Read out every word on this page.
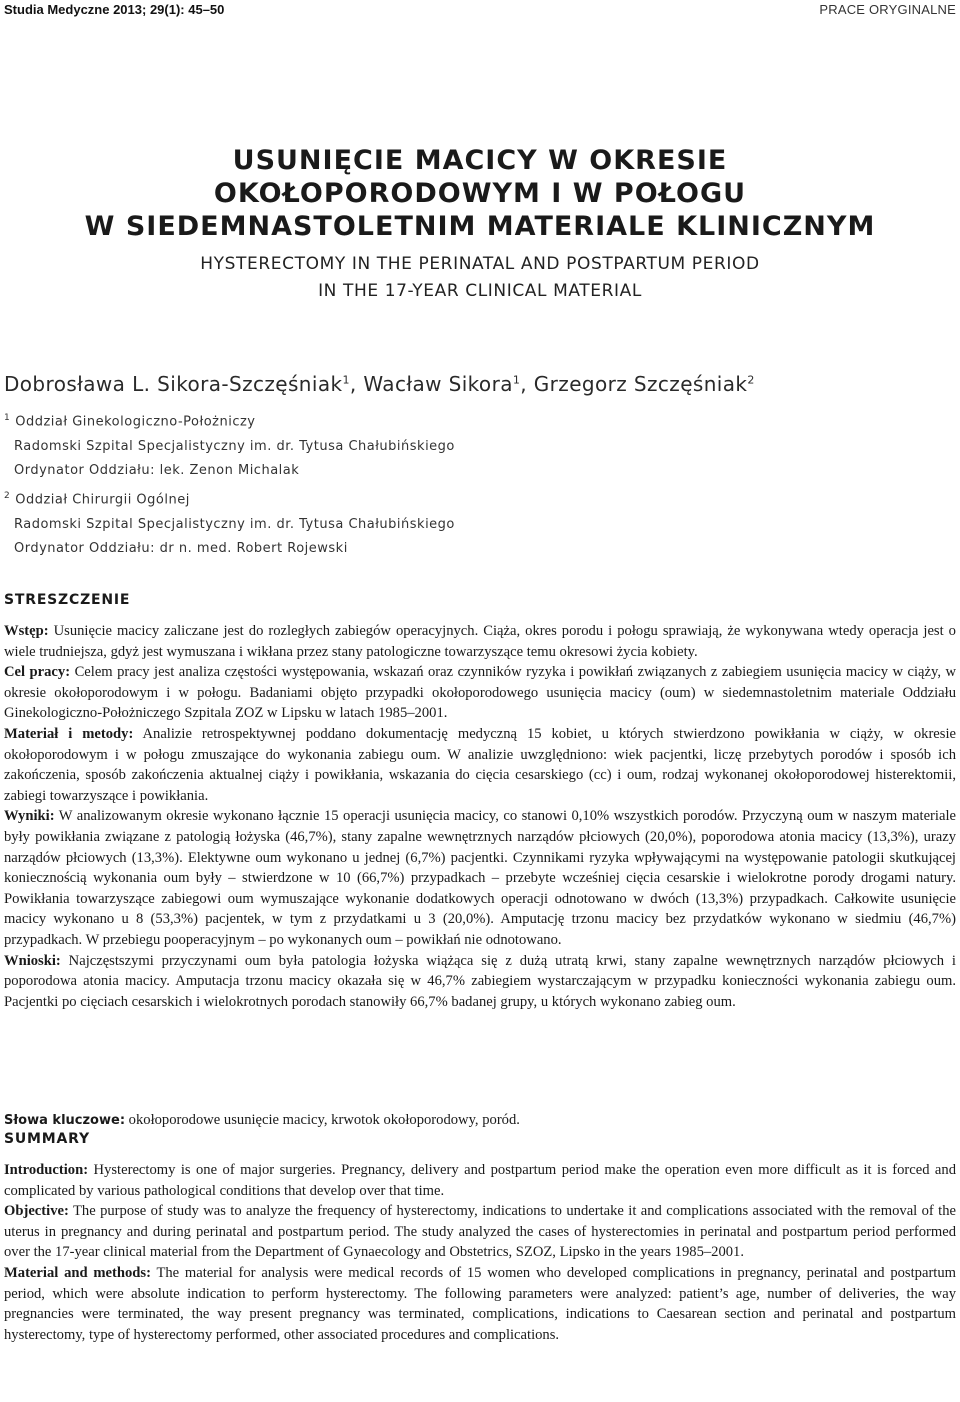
Studia Medyczne 2013; 29(1): 45–50	PRACE ORYGINALNE
USUNIĘCIE MACICY W OKRESIE
OKOŁOPORODOWYM I W POŁOGU
W SIEDEMNASTOLETNIM MATERIALE KLINICZNYM
HYSTERECTOMY IN THE PERINATAL AND POSTPARTUM PERIOD
IN THE 17-YEAR CLINICAL MATERIAL
Dobrosława L. Sikora-Szczęśniak$^1$, Wacław Sikora$^1$, Grzegorz Szczęśniak$^2$
$^1$ Oddział Ginekologiczno-Położniczy
Radomski Szpital Specjalistyczny im. dr. Tytusa Chałubińskiego
Ordynator Oddziału: lek. Zenon Michalak
$^2$ Oddział Chirurgii Ogólnej
Radomski Szpital Specjalistyczny im. dr. Tytusa Chałubińskiego
Ordynator Oddziału: dr n. med. Robert Rojewski
STRESZCZENIE

Wstęp: Usunięcie macicy zaliczane jest do rozległych zabiegów operacyjnych. Ciąża, okres porodu i połogu sprawiają, że wykonywana wtedy operacja jest o wiele trudniejsza, gdyż jest wymuszana i wikłana przez stany patologiczne towarzyszące temu okresowi życia kobiety.

Cel pracy: Celem pracy jest analiza częstości występowania, wskazań oraz czynników ryzyka i powikłań związanych z zabiegiem usunięcia macicy w ciąży, w okresie okołoporodowym i w połogu. Badaniami objęto przypadki okołoporodowego usunięcia macicy (oum) w siedemnastoletnim materiale Oddziału Ginekologiczno-Położniczego Szpitala ZOZ w Lipsku w latach 1985–2001.

Materiał i metody: Analizie retrospektywnej poddano dokumentację medyczną 15 kobiet, u których stwierdzono powikłania w ciąży, w okresie okołoporodowym i w połogu zmuszające do wykonania zabiegu oum. W analizie uwzględniono: wiek pacjentki, liczę przebytych porodów i sposób ich zakończenia, sposób zakończenia aktualnej ciąży i powikłania, wskazania do cięcia cesarskiego (cc) i oum, rodzaj wykonanej okołoporodowej histerektomii, zabiegi towarzyszące i powikłania.

Wyniki: W analizowanym okresie wykonano łącznie 15 operacji usunięcia macicy, co stanowi 0,10% wszystkich porodów. Przyczyną oum w naszym materiale były powikłania związane z patologią łożyska (46,7%), stany zapalne wewnętrznych narządów płciowych (20,0%), poporodowa atonia macicy (13,3%), urazy narządów płciowych (13,3%). Elektywne oum wykonano u jednej (6,7%) pacjentki. Czynnikami ryzyka wpływającymi na występowanie patologii skutkującej koniecznością wykonania oum były – stwierdzone w 10 (66,7%) przypadkach – przebyte wcześniej cięcia cesarskie i wielokrotne porody drogami natury. Powikłania towarzyszące zabiegowi oum wymuszające wykonanie dodatkowych operacji odnotowano w dwóch (13,3%) przypadkach. Całkowite usunięcie macicy wykonano u 8 (53,3%) pacjentek, w tym z przydatkami u 3 (20,0%). Amputację trzonu macicy bez przydatków wykonano w siedmiu (46,7%) przypadkach. W przebiegu pooperacyjnym – po wykonanych oum – powikłań nie odnotowano.

Wnioski: Najczęstszymi przyczynami oum była patologia łożyska wiążąca się z dużą utratą krwi, stany zapalne wewnętrznych narządów płciowych i poporodowa atonia macicy. Amputacja trzonu macicy okazała się w 46,7% zabiegiem wystarczającym w przypadku konieczności wykonania zabiegu oum. Pacjentki po cięciach cesarskich i wielokrotnych porodach stanowiły 66,7% badanej grupy, u których wykonano zabieg oum.

Słowa kluczowe: okołoporodowe usunięcie macicy, krwotok okołoporodowy, poród.
SUMMARY

Introduction: Hysterectomy is one of major surgeries. Pregnancy, delivery and postpartum period make the operation even more difficult as it is forced and complicated by various pathological conditions that develop over that time.

Objective: The purpose of study was to analyze the frequency of hysterectomy, indications to undertake it and complications associated with the removal of the uterus in pregnancy and during perinatal and postpartum period. The study analyzed the cases of hysterectomies in perinatal and postpartum period performed over the 17-year clinical material from the Department of Gynaecology and Obstetrics, SZOZ, Lipsko in the years 1985–2001.

Material and methods: The material for analysis were medical records of 15 women who developed complications in pregnancy, perinatal and postpartum period, which were absolute indication to perform hysterectomy. The following parameters were analyzed: patient’s age, number of deliveries, the way pregnancies were terminated, the way present pregnancy was terminated, complications, indications to Caesarean section and perinatal and postpartum hysterectomy, type of hysterectomy performed, other associated procedures and complications.
